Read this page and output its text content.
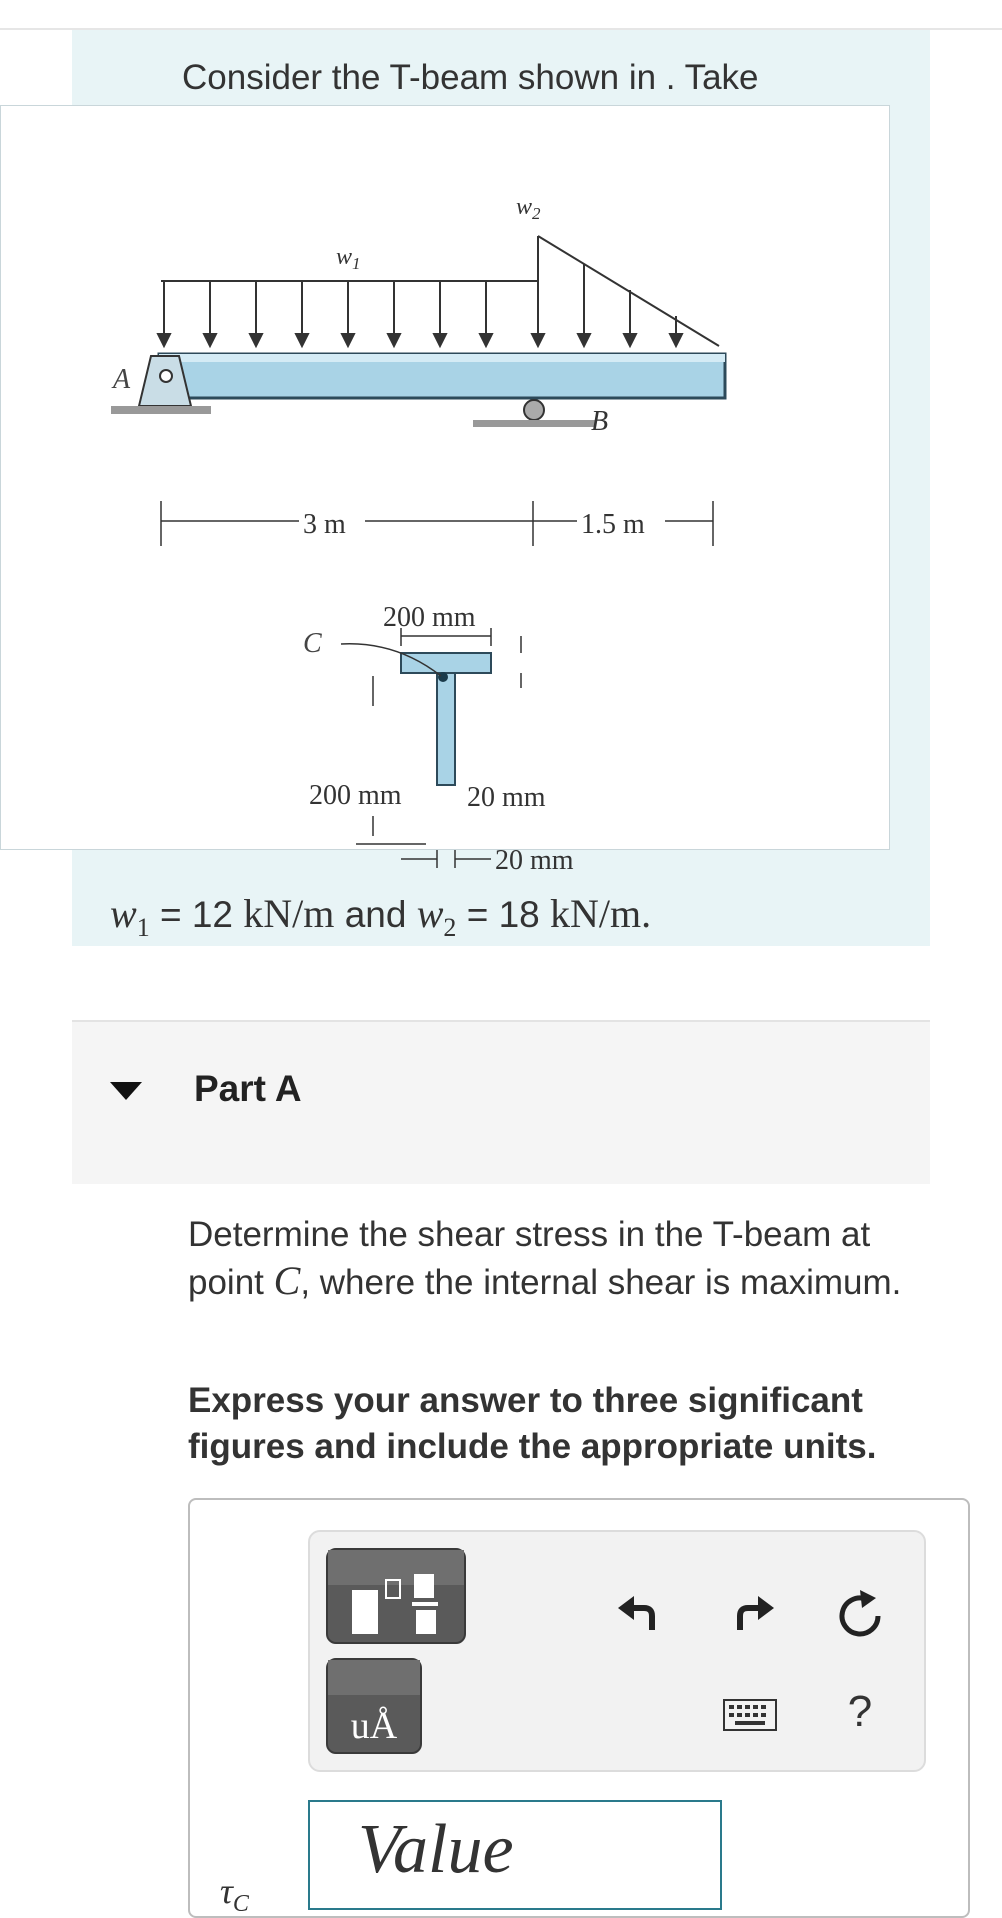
Consider the T-beam shown in . Take
$w_1$
$w_2$
A
B
3 m	1.5 m
C
200 mm
200 mm 20 mm
20 mm
$w_1 = 12$ kN/m and $w_2 = 18$ kN/m.
Part A
Determine the shear stress in the T-beam at point C, where the internal shear is maximum.
Express your answer to three significant figures and include the appropriate units.
uÅ	?
$\tau_C$
Value
